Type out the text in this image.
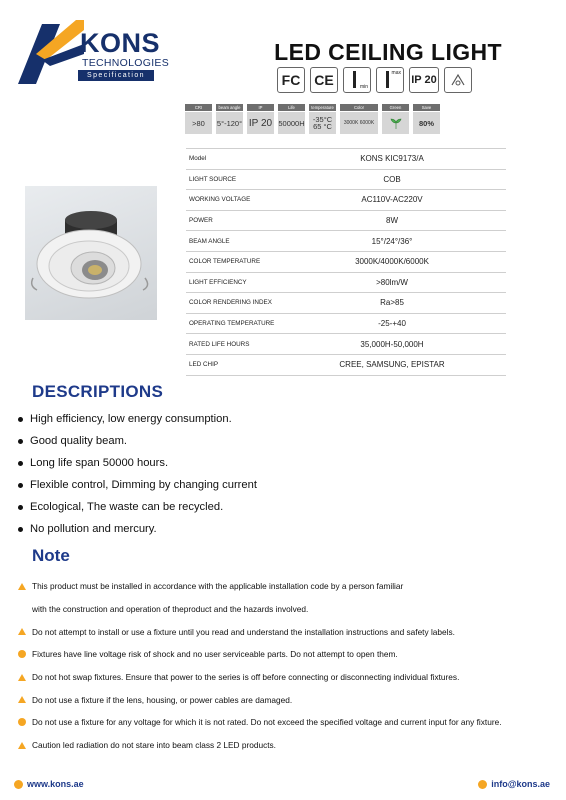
KONS
TECHNOLOGIES
Specification
LED CEILING LIGHT
FC CE	min
max
IP 20
CRI
>80
beam angle
5°-120°
IP
IP 20
Life
50000H
temperature
-35°C 65 °C
Color
3000K 6000K
Green	Save
80%
Model	KONS KIC9173/A
LIGHT SOURCE	COB
WORKING VOLTAGE	AC110V-AC220V
POWER	8W
BEAM ANGLE	15°/24°/36°
COLOR TEMPERATURE	3000K/4000K/6000K
LIGHT EFFICIENCY	>80lm/W
COLOR RENDERING INDEX	Ra>85
OPERATING TEMPERATURE	-25-+40
RATED LIFE HOURS	35,000H-50,000H
LED CHIP	CREE, SAMSUNG, EPISTAR
DESCRIPTIONS
High efficiency, low energy consumption.
Good quality beam.
Long life span 50000 hours.
Flexible control, Dimming by changing current
Ecological, The waste can be recycled.
No pollution and mercury.
Note
This product must be installed in accordance with the applicable installation code by a person familiar
with the construction and operation of theproduct and the hazards involved.
Do not attempt to install or use a fixture until you read and understand the installation instructions and safety labels.
Fixtures have line voltage risk of shock and no user serviceable parts. Do not attempt to open them.
Do not hot swap fixtures. Ensure that power to the series is off before connecting or disconnecting individual fixtures.
Do not use a fixture if the lens, housing, or power cables are damaged.
Do not use a fixture for any voltage for which it is not rated. Do not exceed the specified voltage and current input for any fixture.
Caution led radiation do not stare into beam class 2 LED products.
www.kons.ae	info@kons.ae
